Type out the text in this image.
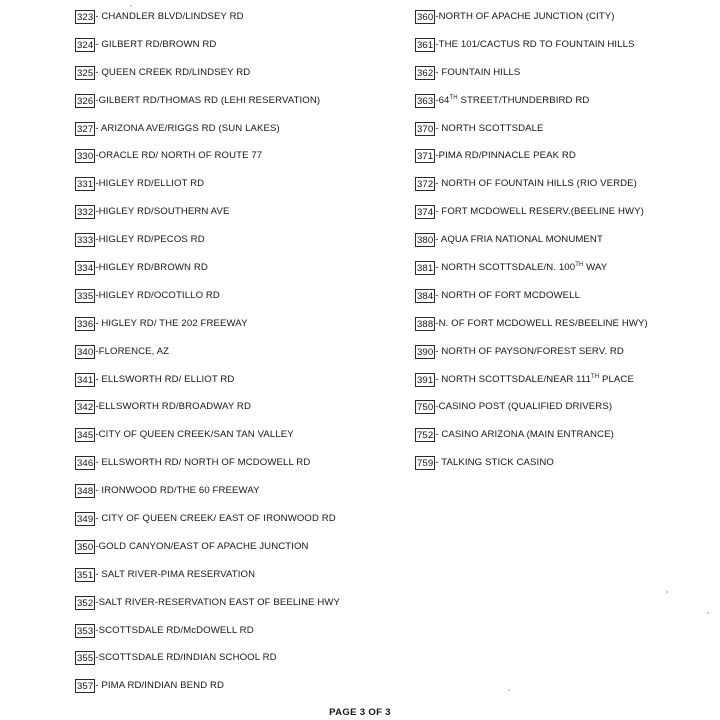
323 - CHANDLER BLVD/LINDSEY RD
324 - GILBERT RD/BROWN RD
325 - QUEEN CREEK RD/LINDSEY RD
326 -GILBERT RD/THOMAS RD (LEHI RESERVATION)
327 - ARIZONA AVE/RIGGS RD (SUN LAKES)
330 -ORACLE RD/ NORTH OF ROUTE 77
331 -HIGLEY RD/ELLIOT RD
332 -HIGLEY RD/SOUTHERN AVE
333 -HIGLEY RD/PECOS RD
334 -HIGLEY RD/BROWN RD
335 -HIGLEY RD/OCOTILLO RD
336 - HIGLEY RD/ THE 202 FREEWAY
340 -FLORENCE, AZ
341 - ELLSWORTH RD/ ELLIOT RD
342 -ELLSWORTH RD/BROADWAY RD
345 -CITY OF QUEEN CREEK/SAN TAN VALLEY
346 - ELLSWORTH RD/ NORTH OF MCDOWELL RD
348 - IRONWOOD RD/THE 60 FREEWAY
349 - CITY OF QUEEN CREEK/ EAST OF IRONWOOD RD
350 -GOLD CANYON/EAST OF APACHE JUNCTION
351 - SALT RIVER-PIMA RESERVATION
352 -SALT RIVER-RESERVATION EAST OF BEELINE HWY
353 -SCOTTSDALE RD/McDOWELL RD
355 -SCOTTSDALE RD/INDIAN SCHOOL RD
357 - PIMA RD/INDIAN BEND RD
360 -NORTH OF APACHE JUNCTION (CITY)
361 -THE 101/CACTUS RD TO FOUNTAIN HILLS
362 - FOUNTAIN HILLS
363 -64TH STREET/THUNDERBIRD RD
370 - NORTH SCOTTSDALE
371 -PIMA RD/PINNACLE PEAK RD
372 - NORTH OF FOUNTAIN HILLS (RIO VERDE)
374 - FORT MCDOWELL RESERV.(BEELINE HWY)
380 - AQUA FRIA NATIONAL MONUMENT
381 - NORTH SCOTTSDALE/N. 100TH WAY
384 - NORTH OF FORT MCDOWELL
388 -N. OF FORT MCDOWELL RES/BEELINE HWY)
390 - NORTH OF PAYSON/FOREST SERV. RD
391 - NORTH SCOTTSDALE/NEAR 111TH PLACE
750 -CASINO POST (QUALIFIED DRIVERS)
752 - CASINO ARIZONA (MAIN ENTRANCE)
759 - TALKING STICK CASINO
PAGE 3 OF 3
